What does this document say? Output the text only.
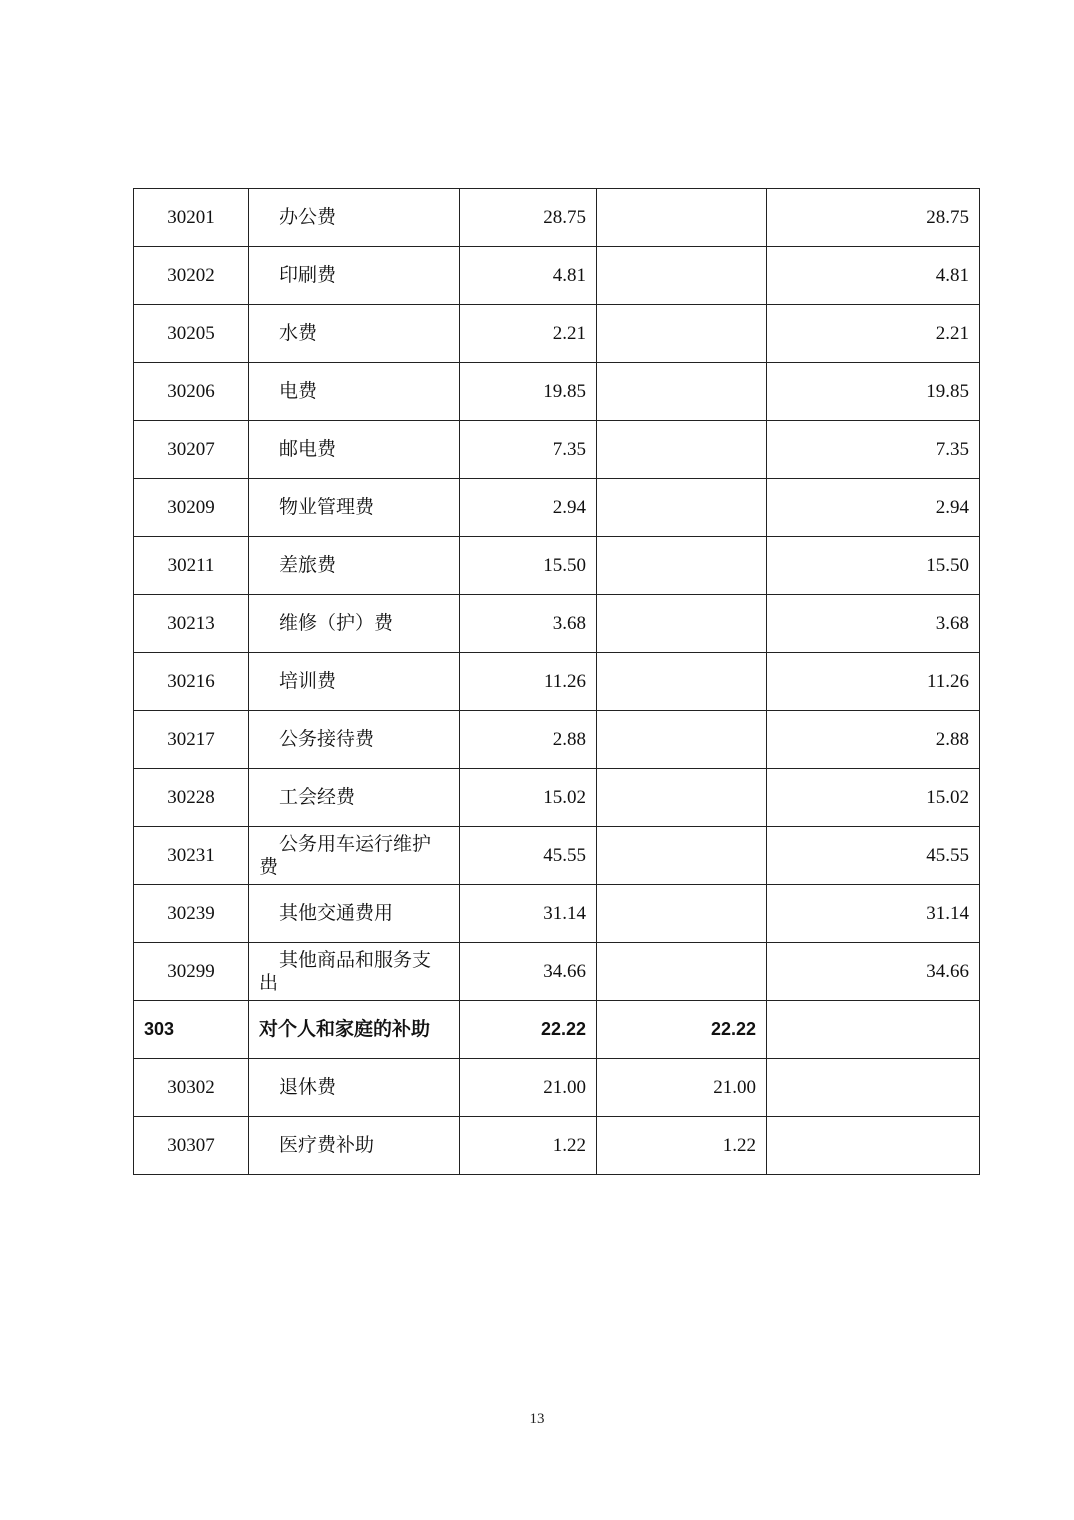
30201	办公费	28.75		28.75
30202	印刷费	4.81		4.81
30205	水费	2.21		2.21
30206	电费	19.85		19.85
30207	邮电费	7.35		7.35
30209	物业管理费	2.94		2.94
30211	差旅费	15.50		15.50
30213	维修（护）费	3.68		3.68
30216	培训费	11.26		11.26
30217	公务接待费	2.88		2.88
30228	工会经费	15.02		15.02
30231	公务用车运行维护费	45.55		45.55
30239	其他交通费用	31.14		31.14
30299	其他商品和服务支出	34.66		34.66
303	对个人和家庭的补助	22.22	22.22	
30302	退休费	21.00	21.00	
30307	医疗费补助	1.22	1.22	
13
